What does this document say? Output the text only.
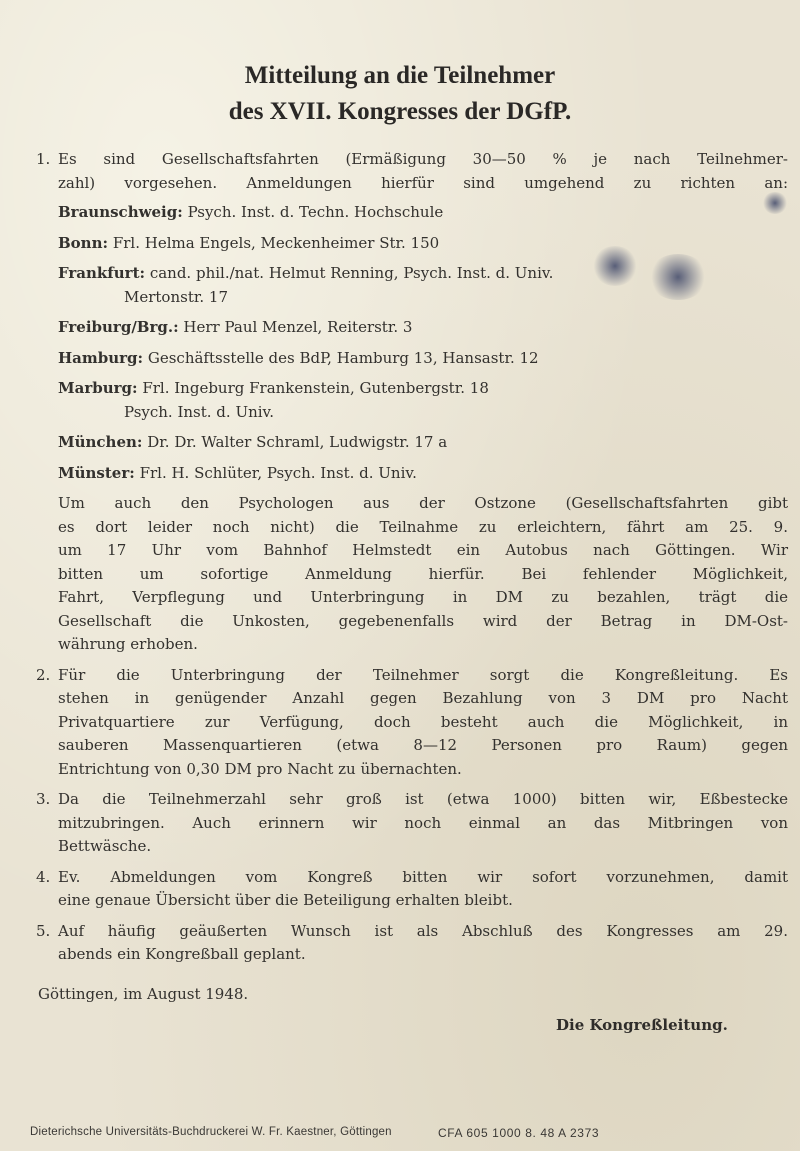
Mitteilung an die Teilnehmer
des XVII. Kongresses der DGfP.
1. Es sind Gesellschaftsfahrten (Ermäßigung 30—50 % je nach Teilnehmer-
zahl) vorgesehen. Anmeldungen hierfür sind umgehend zu richten an:
Braunschweig: Psych. Inst. d. Techn. Hochschule
Bonn: Frl. Helma Engels, Meckenheimer Str. 150
Frankfurt: cand. phil./nat. Helmut Renning, Psych. Inst. d. Univ.
Mertonstr. 17
Freiburg/Brg.: Herr Paul Menzel, Reiterstr. 3
Hamburg: Geschäftsstelle des BdP, Hamburg 13, Hansastr. 12
Marburg: Frl. Ingeburg Frankenstein, Gutenbergstr. 18
Psych. Inst. d. Univ.
München: Dr. Dr. Walter Schraml, Ludwigstr. 17 a
Münster: Frl. H. Schlüter, Psych. Inst. d. Univ.
Um auch den Psychologen aus der Ostzone (Gesellschaftsfahrten gibt
es dort leider noch nicht) die Teilnahme zu erleichtern, fährt am 25. 9.
um 17 Uhr vom Bahnhof Helmstedt ein Autobus nach Göttingen. Wir
bitten um sofortige Anmeldung hierfür. Bei fehlender Möglichkeit,
Fahrt, Verpflegung und Unterbringung in DM zu bezahlen, trägt die
Gesellschaft die Unkosten, gegebenenfalls wird der Betrag in DM-Ost-
währung erhoben.
2. Für die Unterbringung der Teilnehmer sorgt die Kongreßleitung. Es
stehen in genügender Anzahl gegen Bezahlung von 3 DM pro Nacht
Privatquartiere zur Verfügung, doch besteht auch die Möglichkeit, in
sauberen Massenquartieren (etwa 8—12 Personen pro Raum) gegen
Entrichtung von 0,30 DM pro Nacht zu übernachten.
3. Da die Teilnehmerzahl sehr groß ist (etwa 1000) bitten wir, Eßbestecke
mitzubringen. Auch erinnern wir noch einmal an das Mitbringen von
Bettwäsche.
4. Ev. Abmeldungen vom Kongreß bitten wir sofort vorzunehmen, damit
eine genaue Übersicht über die Beteiligung erhalten bleibt.
5. Auf häufig geäußerten Wunsch ist als Abschluß des Kongresses am 29.
abends ein Kongreßball geplant.
Göttingen, im August 1948.
Die Kongreßleitung.
Dieterichsche Universitäts-Buchdruckerei W. Fr. Kaestner, Göttingen	CFA 605 1000 8. 48 A 2373
